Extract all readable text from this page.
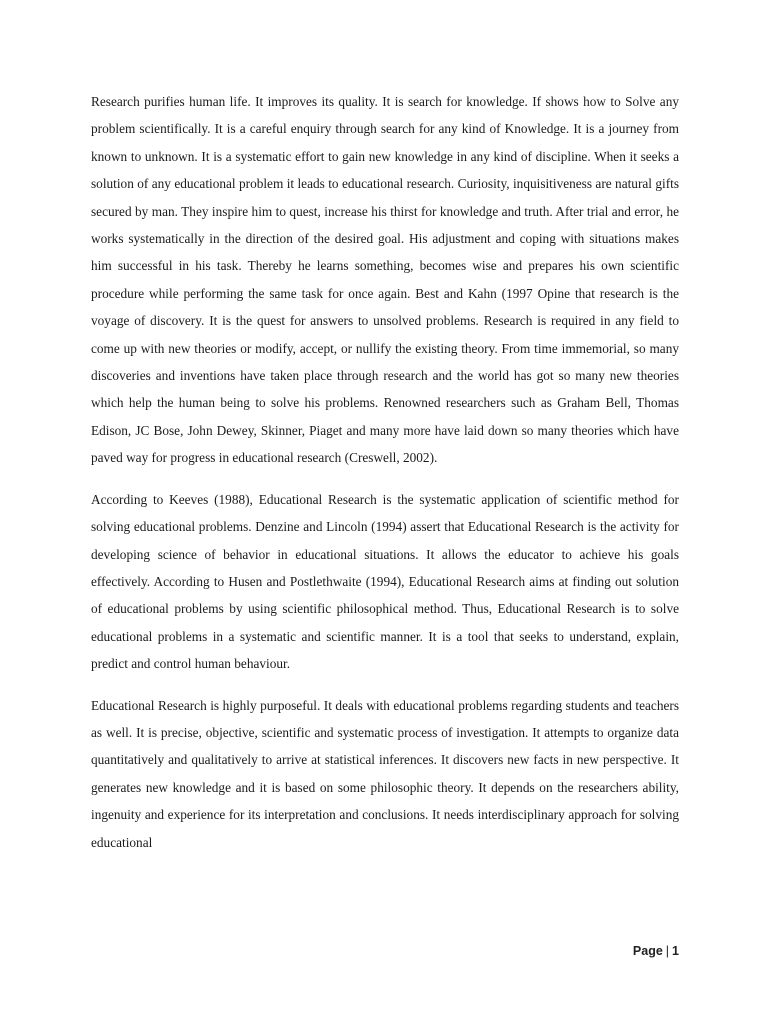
Research purifies human life. It improves its quality. It is search for knowledge. If shows how to Solve any problem scientifically. It is a careful enquiry through search for any kind of Knowledge. It is a journey from known to unknown. It is a systematic effort to gain new knowledge in any kind of discipline. When it seeks a solution of any educational problem it leads to educational research. Curiosity, inquisitiveness are natural gifts secured by man. They inspire him to quest, increase his thirst for knowledge and truth. After trial and error, he works systematically in the direction of the desired goal. His adjustment and coping with situations makes him successful in his task. Thereby he learns something, becomes wise and prepares his own scientific procedure while performing the same task for once again. Best and Kahn (1997 Opine that research is the voyage of discovery. It is the quest for answers to unsolved problems. Research is required in any field to come up with new theories or modify, accept, or nullify the existing theory. From time immemorial, so many discoveries and inventions have taken place through research and the world has got so many new theories which help the human being to solve his problems. Renowned researchers such as Graham Bell, Thomas Edison, JC Bose, John Dewey, Skinner, Piaget and many more have laid down so many theories which have paved way for progress in educational research (Creswell, 2002).

According to Keeves (1988), Educational Research is the systematic application of scientific method for solving educational problems. Denzine and Lincoln (1994) assert that Educational Research is the activity for developing science of behavior in educational situations. It allows the educator to achieve his goals effectively. According to Husen and Postlethwaite (1994), Educational Research aims at finding out solution of educational problems by using scientific philosophical method. Thus, Educational Research is to solve educational problems in a systematic and scientific manner. It is a tool that seeks to understand, explain, predict and control human behaviour.

Educational Research is highly purposeful. It deals with educational problems regarding students and teachers as well. It is precise, objective, scientific and systematic process of investigation. It attempts to organize data quantitatively and qualitatively to arrive at statistical inferences. It discovers new facts in new perspective. It generates new knowledge and it is based on some philosophic theory. It depends on the researchers ability, ingenuity and experience for its interpretation and conclusions. It needs interdisciplinary approach for solving educational

Page | 1
